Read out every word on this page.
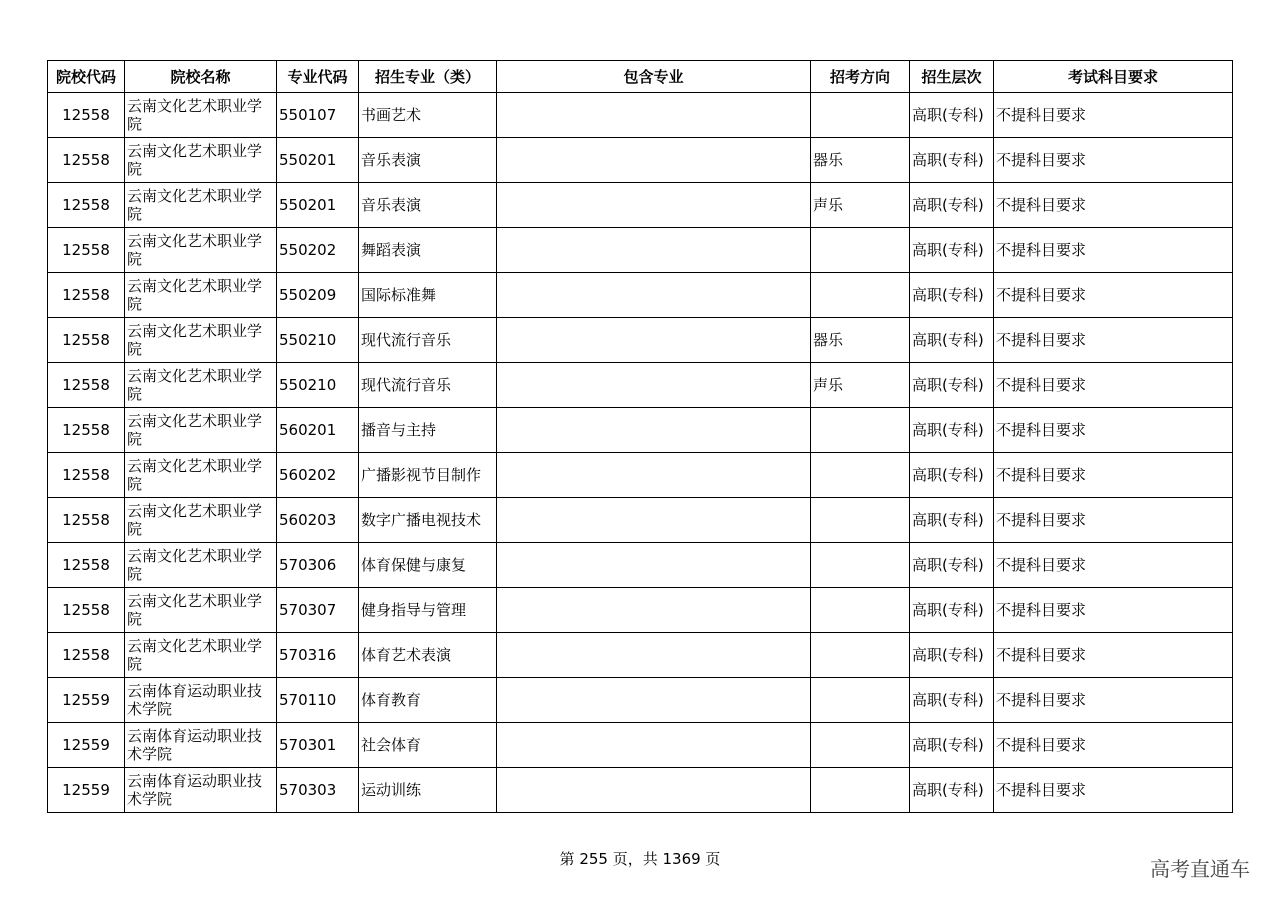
院校代码	院校名称	专业代码	招生专业（类）	包含专业	招考方向	招生层次	考试科目要求
12558	云南文化艺术职业学院	550107	书画艺术			高职(专科)	不提科目要求
12558	云南文化艺术职业学院	550201	音乐表演		器乐	高职(专科)	不提科目要求
12558	云南文化艺术职业学院	550201	音乐表演		声乐	高职(专科)	不提科目要求
12558	云南文化艺术职业学院	550202	舞蹈表演			高职(专科)	不提科目要求
12558	云南文化艺术职业学院	550209	国际标准舞			高职(专科)	不提科目要求
12558	云南文化艺术职业学院	550210	现代流行音乐		器乐	高职(专科)	不提科目要求
12558	云南文化艺术职业学院	550210	现代流行音乐		声乐	高职(专科)	不提科目要求
12558	云南文化艺术职业学院	560201	播音与主持			高职(专科)	不提科目要求
12558	云南文化艺术职业学院	560202	广播影视节目制作			高职(专科)	不提科目要求
12558	云南文化艺术职业学院	560203	数字广播电视技术			高职(专科)	不提科目要求
12558	云南文化艺术职业学院	570306	体育保健与康复			高职(专科)	不提科目要求
12558	云南文化艺术职业学院	570307	健身指导与管理			高职(专科)	不提科目要求
12558	云南文化艺术职业学院	570316	体育艺术表演			高职(专科)	不提科目要求
12559	云南体育运动职业技术学院	570110	体育教育			高职(专科)	不提科目要求
12559	云南体育运动职业技术学院	570301	社会体育			高职(专科)	不提科目要求
12559	云南体育运动职业技术学院	570303	运动训练			高职(专科)	不提科目要求
第 255 页，共 1369 页	高考直通车
